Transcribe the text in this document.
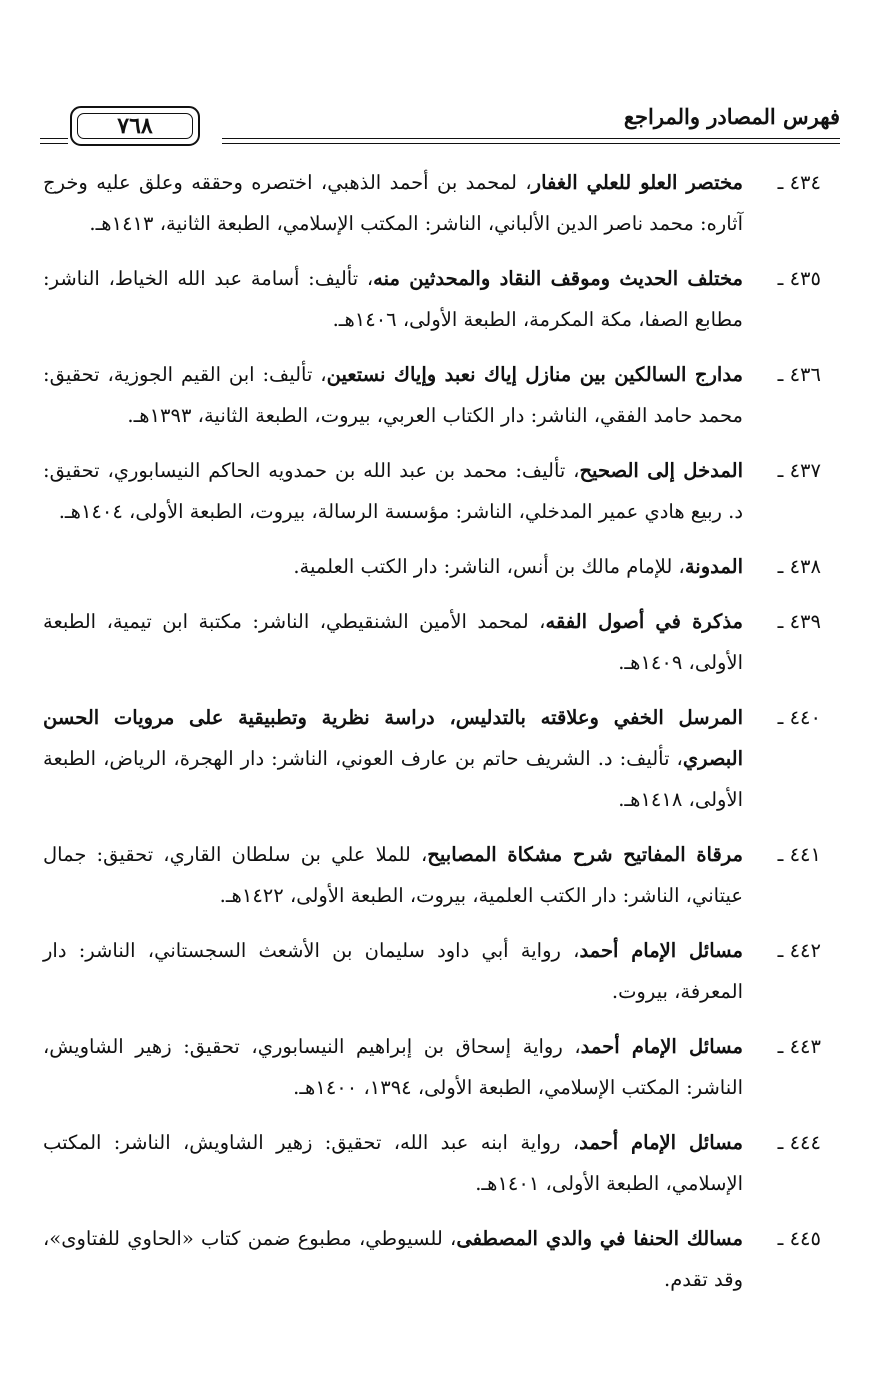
فهرس المصادر والمراجع
٧٦٨
٤٣٤ ـ
مختصر العلو للعلي الغفار، لمحمد بن أحمد الذهبي، اختصره وحققه وعلق عليه وخرج آثاره: محمد ناصر الدين الألباني، الناشر: المكتب الإسلامي، الطبعة الثانية، ١٤١٣هـ.
٤٣٥ ـ
مختلف الحديث وموقف النقاد والمحدثين منه، تأليف: أسامة عبد الله الخياط، الناشر: مطابع الصفا، مكة المكرمة، الطبعة الأولى، ١٤٠٦هـ.
٤٣٦ ـ
مدارج السالكين بين منازل إياك نعبد وإياك نستعين، تأليف: ابن القيم الجوزية، تحقيق: محمد حامد الفقي، الناشر: دار الكتاب العربي، بيروت، الطبعة الثانية، ١٣٩٣هـ.
٤٣٧ ـ
المدخل إلى الصحيح، تأليف: محمد بن عبد الله بن حمدويه الحاكم النيسابوري، تحقيق: د. ربيع هادي عمير المدخلي، الناشر: مؤسسة الرسالة، بيروت، الطبعة الأولى، ١٤٠٤هـ.
٤٣٨ ـ
المدونة، للإمام مالك بن أنس، الناشر: دار الكتب العلمية.
٤٣٩ ـ
مذكرة في أصول الفقه، لمحمد الأمين الشنقيطي، الناشر: مكتبة ابن تيمية، الطبعة الأولى، ١٤٠٩هـ.
٤٤٠ ـ
المرسل الخفي وعلاقته بالتدليس، دراسة نظرية وتطبيقية على مرويات الحسن البصري، تأليف: د. الشريف حاتم بن عارف العوني، الناشر: دار الهجرة، الرياض، الطبعة الأولى، ١٤١٨هـ.
٤٤١ ـ
مرقاة المفاتيح شرح مشكاة المصابيح، للملا علي بن سلطان القاري، تحقيق: جمال عيتاني، الناشر: دار الكتب العلمية، بيروت، الطبعة الأولى، ١٤٢٢هـ.
٤٤٢ ـ
مسائل الإمام أحمد، رواية أبي داود سليمان بن الأشعث السجستاني، الناشر: دار المعرفة، بيروت.
٤٤٣ ـ
مسائل الإمام أحمد، رواية إسحاق بن إبراهيم النيسابوري، تحقيق: زهير الشاويش، الناشر: المكتب الإسلامي، الطبعة الأولى، ١٣٩٤، ١٤٠٠هـ.
٤٤٤ ـ
مسائل الإمام أحمد، رواية ابنه عبد الله، تحقيق: زهير الشاويش، الناشر: المكتب الإسلامي، الطبعة الأولى، ١٤٠١هـ.
٤٤٥ ـ
مسالك الحنفا في والدي المصطفى، للسيوطي، مطبوع ضمن كتاب «الحاوي للفتاوى»، وقد تقدم.
